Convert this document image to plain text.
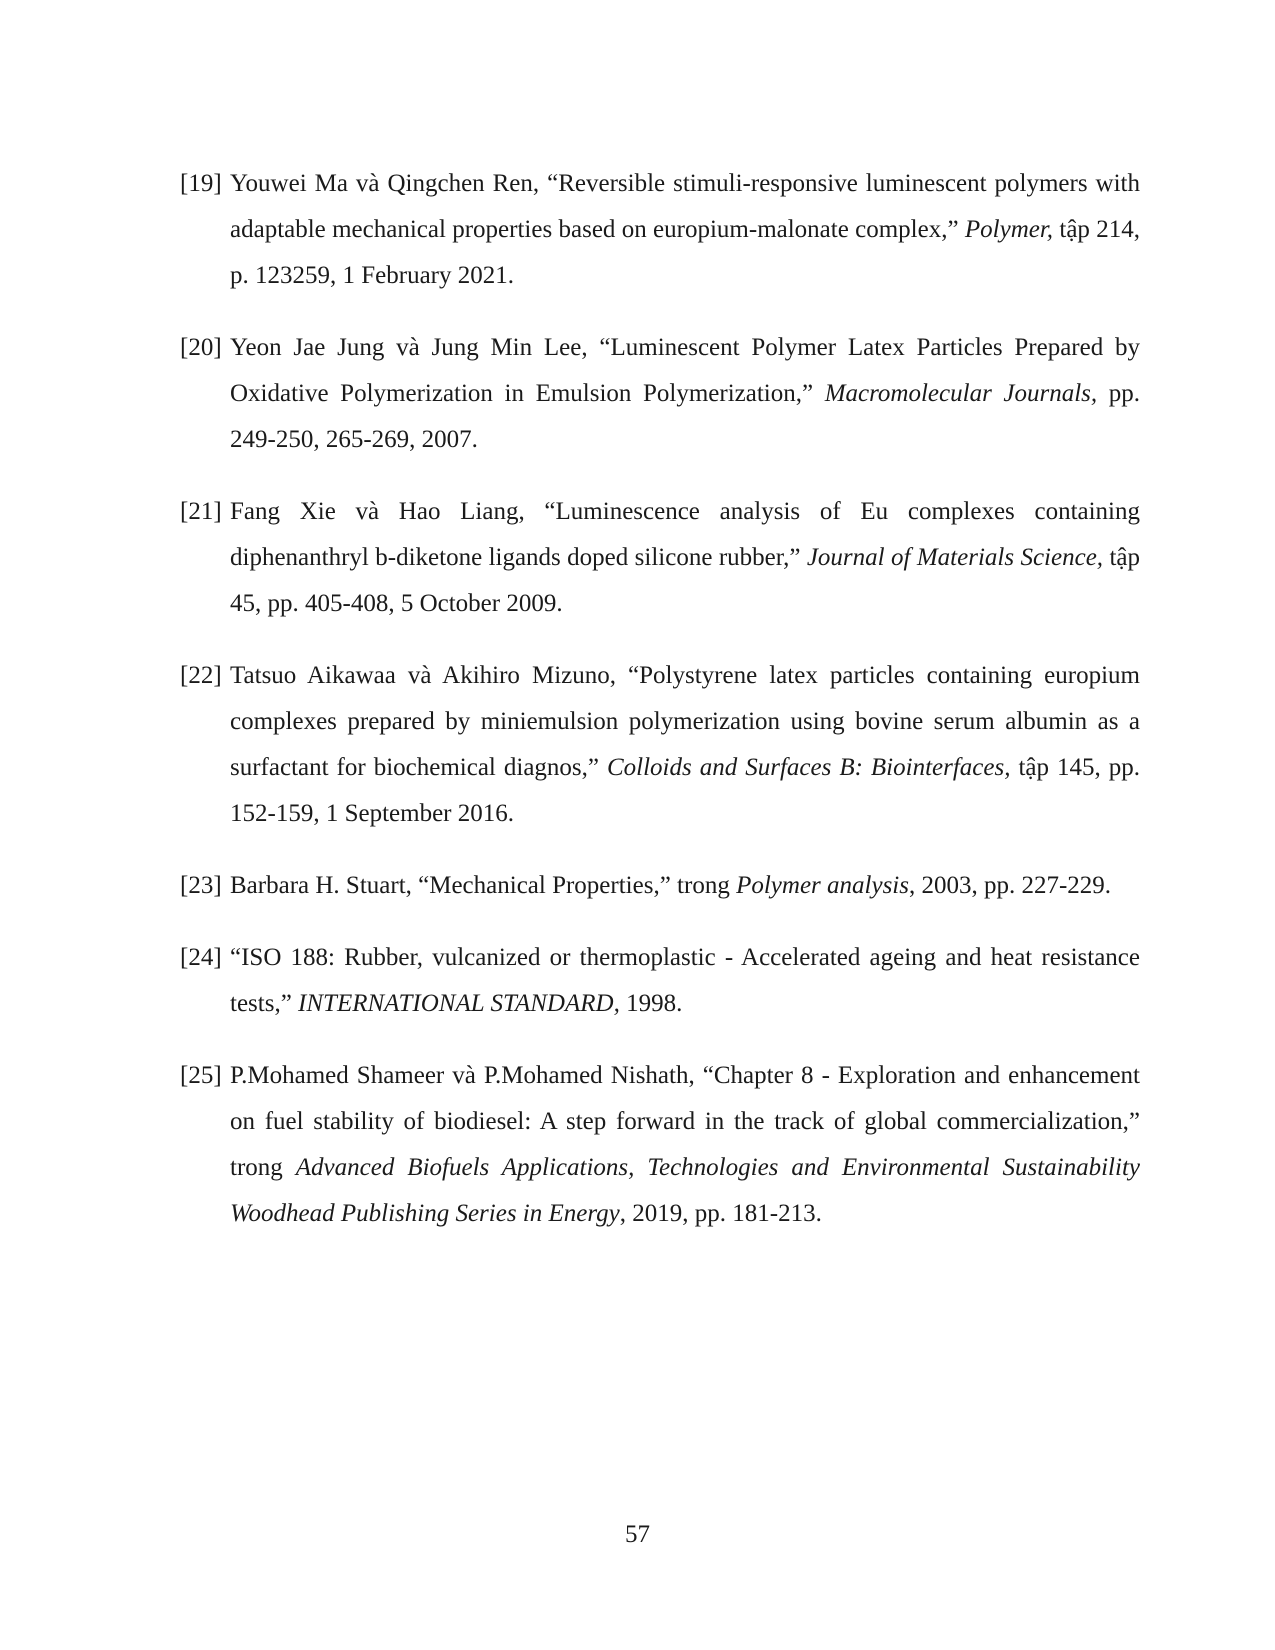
[19] Youwei Ma và Qingchen Ren, “Reversible stimuli-responsive luminescent polymers with adaptable mechanical properties based on europium-malonate complex,” Polymer, tập 214, p. 123259, 1 February 2021.
[20] Yeon Jae Jung và Jung Min Lee, “Luminescent Polymer Latex Particles Prepared by Oxidative Polymerization in Emulsion Polymerization,” Macromolecular Journals, pp. 249-250, 265-269, 2007.
[21] Fang Xie và Hao Liang, “Luminescence analysis of Eu complexes containing diphenanthryl b-diketone ligands doped silicone rubber,” Journal of Materials Science, tập 45, pp. 405-408, 5 October 2009.
[22] Tatsuo Aikawaa và Akihiro Mizuno, “Polystyrene latex particles containing europium complexes prepared by miniemulsion polymerization using bovine serum albumin as a surfactant for biochemical diagnos,” Colloids and Surfaces B: Biointerfaces, tập 145, pp. 152-159, 1 September 2016.
[23] Barbara H. Stuart, “Mechanical Properties,” trong Polymer analysis, 2003, pp. 227-229.
[24] “ISO 188: Rubber, vulcanized or thermoplastic - Accelerated ageing and heat resistance tests,” INTERNATIONAL STANDARD, 1998.
[25] P.Mohamed Shameer và P.Mohamed Nishath, “Chapter 8 - Exploration and enhancement on fuel stability of biodiesel: A step forward in the track of global commercialization,” trong Advanced Biofuels Applications, Technologies and Environmental Sustainability Woodhead Publishing Series in Energy, 2019, pp. 181-213.
57
